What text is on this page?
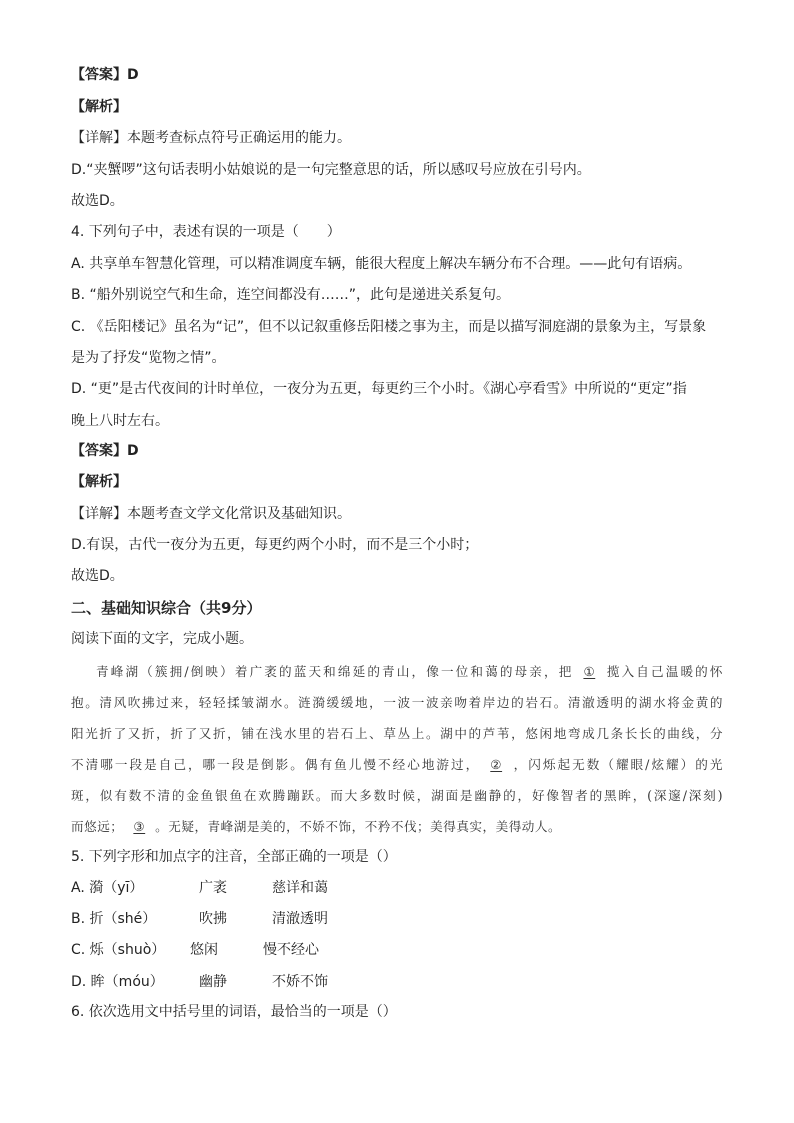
【答案】D
【解析】
【详解】本题考查标点符号正确运用的能力。
D.“夹蟹啰”这句话表明小姑娘说的是一句完整意思的话，所以感叹号应放在引号内。
故选D。
4. 下列句子中，表述有误的一项是（　　）
A. 共享单车智慧化管理，可以精准调度车辆，能很大程度上解决车辆分布不合理。——此句有语病。
B. “船外别说空气和生命，连空间都没有……”，此句是递进关系复句。
C. 《岳阳楼记》虽名为“记”，但不以记叙重修岳阳楼之事为主，而是以描写洞庭湖的景象为主，写景象
是为了抒发“览物之情”。
D. “更”是古代夜间的计时单位，一夜分为五更，每更约三个小时。《湖心亭看雪》中所说的“更定”指
晚上八时左右。
【答案】D
【解析】
【详解】本题考查文学文化常识及基础知识。
D.有误，古代一夜分为五更，每更约两个小时，而不是三个小时；
故选D。
二、基础知识综合（共9分）
阅读下面的文字，完成小题。
青峰湖（簇拥/倒映）着广袤的蓝天和绵延的青山，像一位和蔼的母亲，把 ① 揽入自己温暖的怀
抱。清风吹拂过来，轻轻揉皱湖水。涟漪缓缓地，一波一波亲吻着岸边的岩石。清澈透明的湖水将金黄的
阳光折了又折，折了又折，铺在浅水里的岩石上、草丛上。湖中的芦苇，悠闲地弯成几条长长的曲线，分
不清哪一段是自己，哪一段是倒影。偶有鱼儿慢不经心地游过， ② ，闪烁起无数（耀眼/炫耀）的光
斑，似有数不清的金鱼银鱼在欢腾蹦跃。而大多数时候，湖面是幽静的，好像智者的黑眸，(深邃/深刻)
而悠远； ③ 。无疑，青峰湖是美的，不娇不饰，不矜不伐；美得真实，美得动人。
5. 下列字形和加点字的注音，全部正确的一项是（）
A. 漪（yī）	广袤	慈详和蔼
B. 折（shé）	吹拂	清澈透明
C. 烁（shuò） 悠闲	慢不经心
D. 眸（móu）	幽静	不娇不饰
6. 依次选用文中括号里的词语，最恰当的一项是（）
